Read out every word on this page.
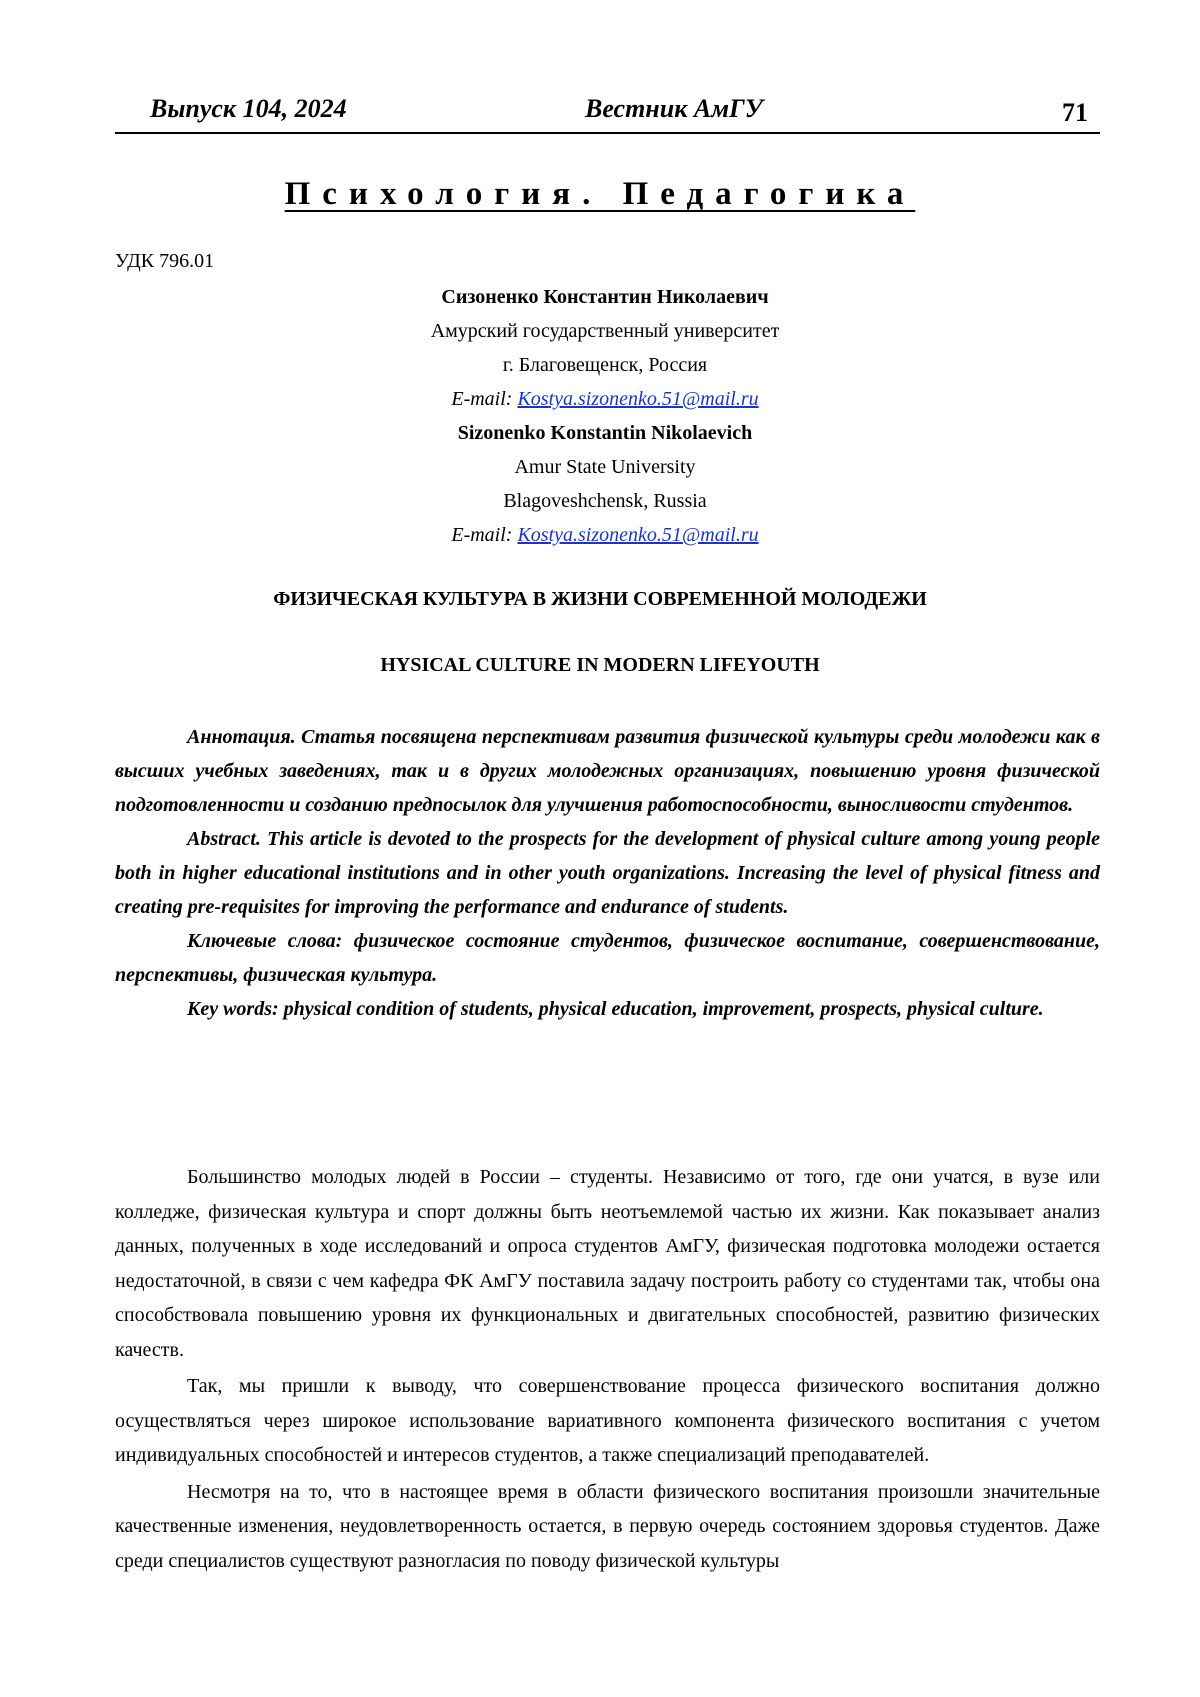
Выпуск 104, 2024	Вестник АмГУ	71
Психология. Педагогика
УДК 796.01
Сизоненко Константин Николаевич
Амурский государственный университет
г. Благовещенск, Россия
E-mail: Kostya.sizonenko.51@mail.ru
Sizonenko Konstantin Nikolaevich
Amur State University
Blagoveshchensk, Russia
E-mail: Kostya.sizonenko.51@mail.ru
ФИЗИЧЕСКАЯ КУЛЬТУРА В ЖИЗНИ СОВРЕМЕННОЙ МОЛОДЕЖИ
HYSICAL CULTURE IN MODERN LIFEYOUTH

Аннотация. Статья посвящена перспективам развития физической культуры среди молодежи как в высших учебных заведениях, так и в других молодежных организациях, повышению уровня физической подготовленности и созданию предпосылок для улучшения работоспособности, выносливости студентов.

Abstract. This article is devoted to the prospects for the development of physical culture among young people both in higher educational institutions and in other youth organizations. Increasing the level of physical fitness and creating pre-requisites for improving the performance and endurance of students.

Ключевые слова: физическое состояние студентов, физическое воспитание, совершенствование, перспективы, физическая культура.

Key words: physical condition of students, physical education, improvement, prospects, physical culture.

Большинство молодых людей в России – студенты. Независимо от того, где они учатся, в вузе или колледже, физическая культура и спорт должны быть неотъемлемой частью их жизни. Как показывает анализ данных, полученных в ходе исследований и опроса студентов АмГУ, физическая подготовка молодежи остается недостаточной, в связи с чем кафедра ФК АмГУ поставила задачу построить работу со студентами так, чтобы она способствовала повышению уровня их функциональных и двигательных способностей, развитию физических качеств.

Так, мы пришли к выводу, что совершенствование процесса физического воспитания должно осуществляться через широкое использование вариативного компонента физического воспитания с учетом индивидуальных способностей и интересов студентов, а также специализаций преподавателей.

Несмотря на то, что в настоящее время в области физического воспитания произошли значительные качественные изменения, неудовлетворенность остается, в первую очередь состоянием здоровья студентов. Даже среди специалистов существуют разногласия по поводу физической культуры
